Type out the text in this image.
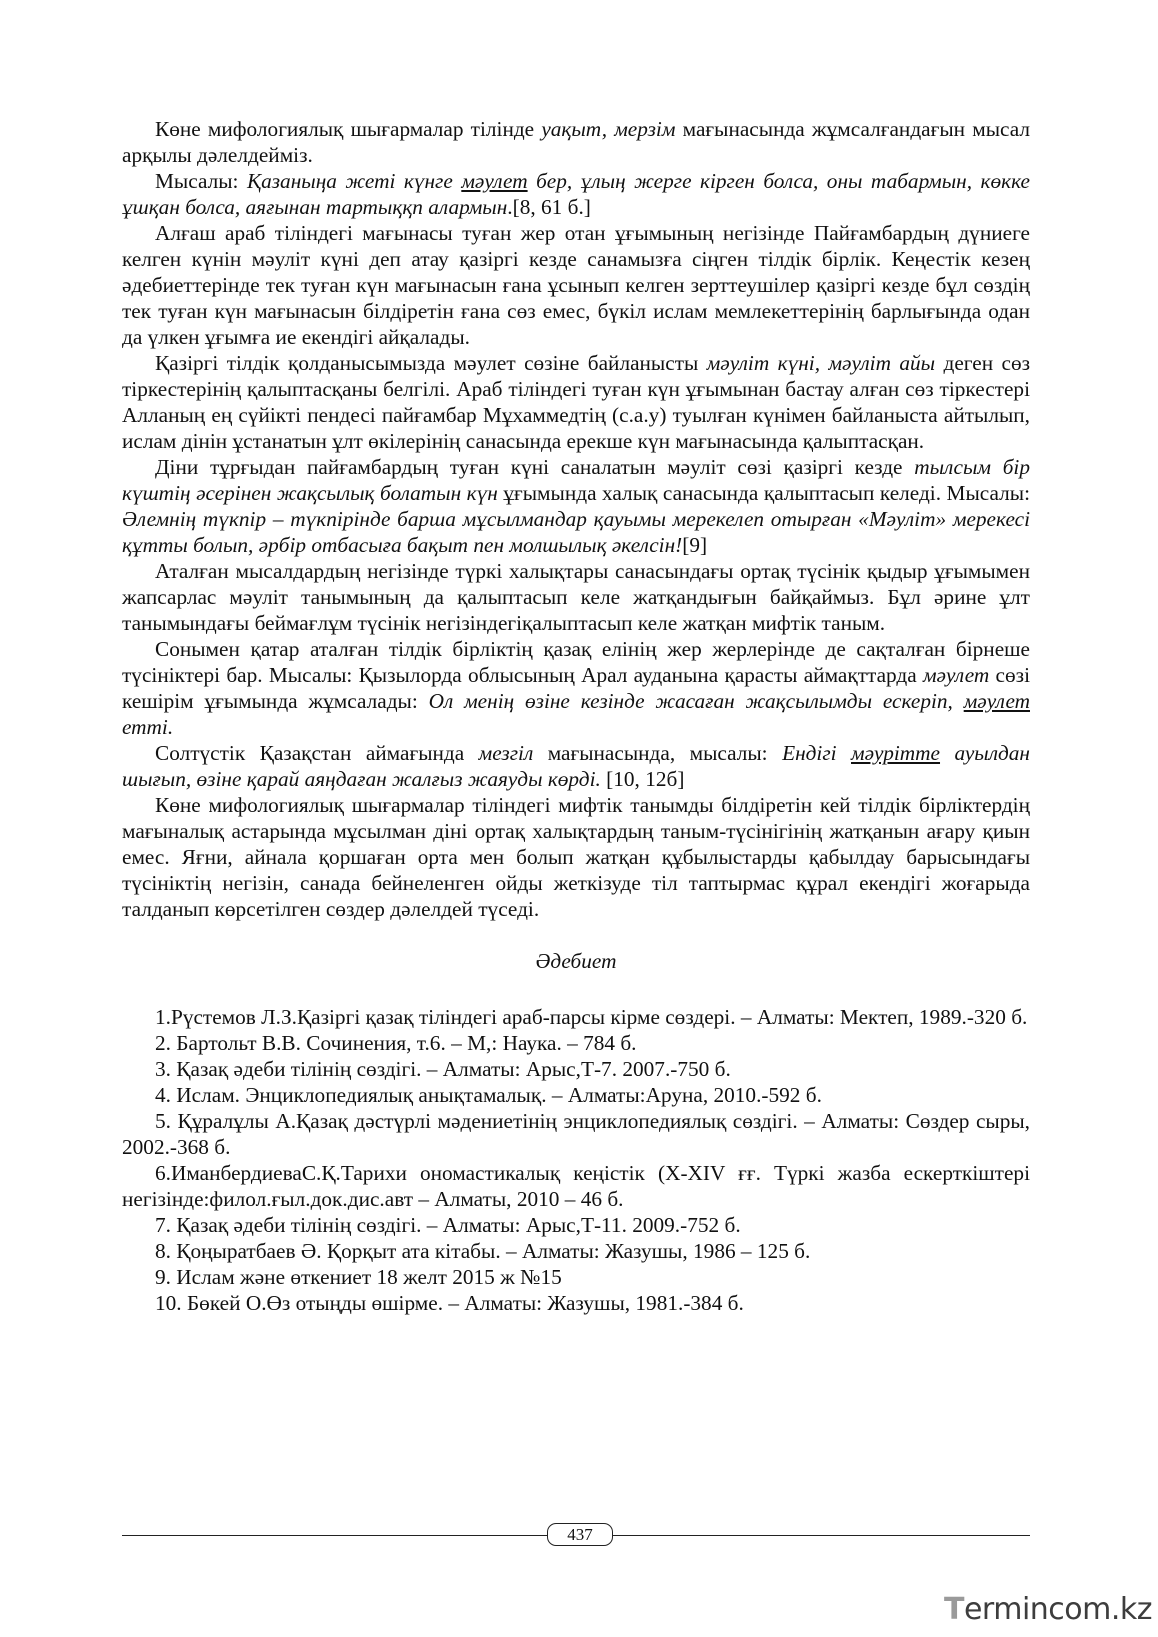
Көне мифологиялық шығармалар тілінде уақыт, мерзім мағынасында жұмсалғандағын мысал арқылы дәлелдейміз.

Мысалы: Қазаныңа жеті күнге мәулет бер, ұлың жерге кірген болса, оны табармын, көкке ұшқан болса, аяғынан тартыққп алармын.[8, 61 б.]

Алғаш араб тіліндегі мағынасы туған жер отан ұғымының негізінде Пайғамбардың дүниеге келген күнін мәуліт күні деп атау қазіргі кезде санамызға сіңген тілдік бірлік. Кеңестік кезең әдебиеттерінде тек туған күн мағынасын ғана ұсынып келген зерттеушілер қазіргі кезде бұл сөздің тек туған күн мағынасын білдіретін ғана сөз емес, бүкіл ислам мемлекеттерінің барлығында одан да үлкен ұғымға ие екендігі айқалады.

Қазіргі тілдік қолданысымызда мәулет сөзіне байланысты мәуліт күні, мәуліт айы деген сөз тіркестерінің қалыптасқаны белгілі. Араб тіліндегі туған күн ұғымынан бастау алған сөз тіркестері Алланың ең сүйікті пендесі пайғамбар Мұхаммедтің (с.а.у) туылған күнімен байланыста айтылып, ислам дінін ұстанатын ұлт өкілерінің санасында ерекше күн мағынасында қалыптасқан.

Діни тұрғыдан пайғамбардың туған күні саналатын мәуліт сөзі қазіргі кезде тылсым бір күштің әсерінен жақсылық болатын күн ұғымында халық санасында қалыптасып келеді. Мысалы: Әлемнің түкпір – түкпірінде барша мұсылмандар қауымы мерекелеп отырған «Мәуліт» мерекесі құтты болып, әрбір отбасыға бақыт пен молшылық әкелсін![9]

Аталған мысалдардың негізінде түркі халықтары санасындағы ортақ түсінік қыдыр ұғымымен жапсарлас мәуліт танымының да қалыптасып келе жатқандығын байқаймыз. Бұл әрине ұлт танымындағы беймағлұм түсінік негізіндегіқалыптасып келе жатқан мифтік таным.

Сонымен қатар аталған тілдік бірліктің қазақ елінің жер жерлерінде де сақталған бірнеше түсініктері бар. Мысалы: Қызылорда облысының Арал ауданына қарасты аймақттарда мәулет сөзі кешірім ұғымында жұмсалады: Ол менің өзіне кезінде жасаған жақсылымды ескеріп, мәулет етті.

Солтүстік Қазақстан аймағында мезгіл мағынасында, мысалы: Ендігі мәурітте ауылдан шығып, өзіне қарай аяңдаған жалғыз жаяуды көрді. [10, 12б]

Көне мифологиялық шығармалар тіліндегі мифтік танымды білдіретін кей тілдік бірліктердің мағыналық астарында мұсылман діні ортақ халықтардың таным-түсінігінің жатқанын ағару қиын емес. Яғни, айнала қоршаған орта мен болып жатқан құбылыстарды қабылдау барысындағы түсініктің негізін, санада бейнеленген ойды жеткізуде тіл таптырмас құрал екендігі жоғарыда талданып көрсетілген сөздер дәлелдей түседі.

Әдебиет

1.Рүстемов Л.З.Қазіргі қазақ тіліндегі араб-парсы кірме сөздері. – Алматы: Мектеп, 1989.-320 б.

2. Бартольт В.В. Сочинения, т.6. – М,: Наука. – 784 б.

3. Қазақ әдеби тілінің сөздігі. – Алматы: Арыс,Т-7. 2007.-750 б.

4. Ислам. Энциклопедиялық анықтамалық. – Алматы:Аруна, 2010.-592 б.

5. Құралұлы А.Қазақ дәстүрлі мәдениетінің энциклопедиялық сөздігі. – Алматы: Сөздер сыры, 2002.-368 б.

6.ИманбердиеваС.Қ.Тарихи ономастикалық кеңістік (X-XIV ғғ. Түркі жазба ескерткіштері негізінде:филол.ғыл.док.дис.авт – Алматы, 2010 – 46 б.

7. Қазақ әдеби тілінің сөздігі. – Алматы: Арыс,Т-11. 2009.-752 б.

8. Қоңыратбаев Ә. Қорқыт ата кітабы. – Алматы: Жазушы, 1986 – 125 б.

9. Ислам және өткениет 18 желт 2015 ж №15

10. Бөкей О.Өз отыңды өшірме. – Алматы: Жазушы, 1981.-384 б.

437
Termincom.kz
